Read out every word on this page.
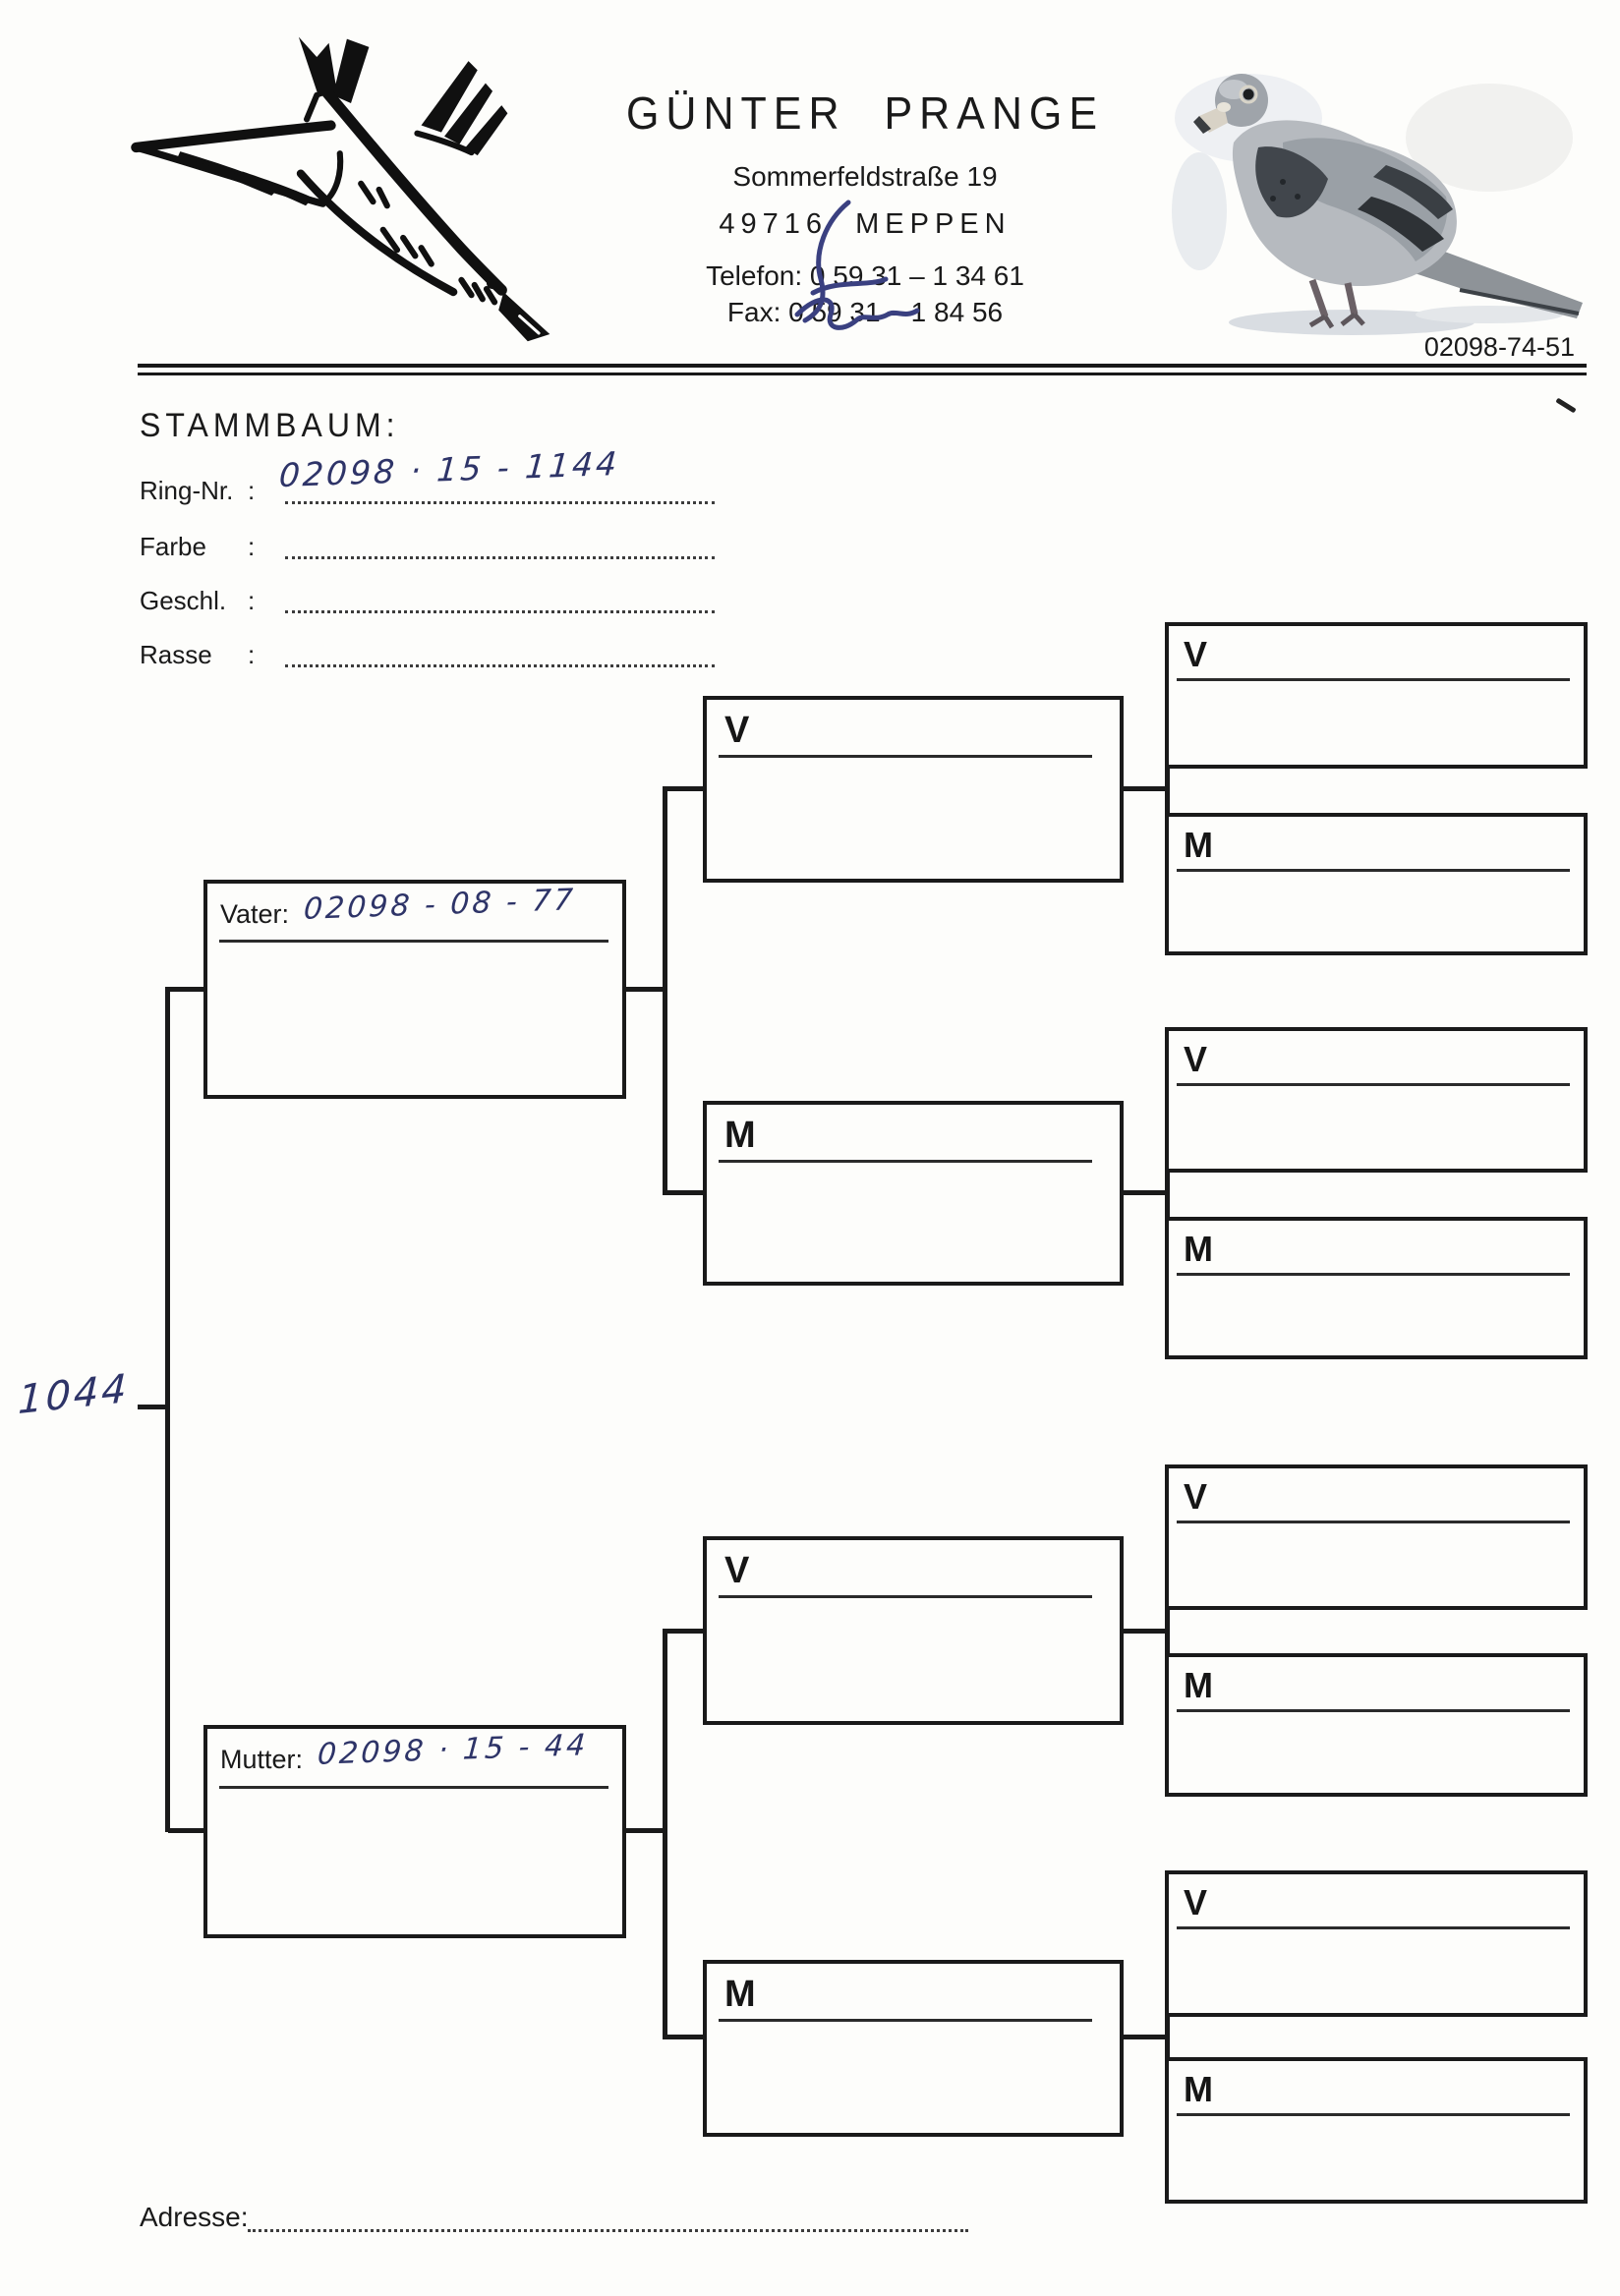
GÜNTER PRANGE
Sommerfeldstraße 19
49716 MEPPEN
Telefon: 0 59 31 – 1 34 61
Fax: 0 59 31 – 1 84 56
02098-74-51
STAMMBAUM:
Ring-Nr. : 02098 · 15 - 1144
Farbe :
Geschl. :
Rasse :
1044
Vater: 02098 - 08 - 77
Mutter: 02098 · 15 - 44
V
M
V
M
V
M
V
M
V
M
V
M
Adresse:
